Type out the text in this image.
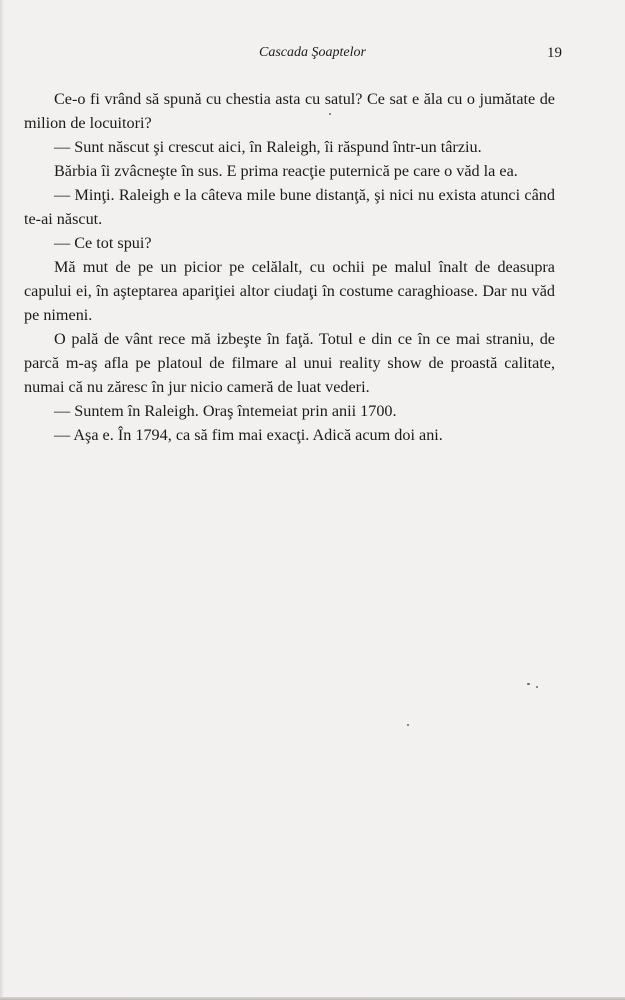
Cascada Şoaptelor	19

Ce-o fi vrând să spună cu chestia asta cu satul? Ce sat e ăla cu o jumătate de milion de locuitori?

— Sunt născut şi crescut aici, în Raleigh, îi răspund într-un târziu.

Bărbia îi zvâcneşte în sus. E prima reacţie puternică pe care o văd la ea.

— Minţi. Raleigh e la câteva mile bune distanţă, şi nici nu exista atunci când te-ai născut.

— Ce tot spui?

Mă mut de pe un picior pe celălalt, cu ochii pe malul înalt de deasupra capului ei, în aşteptarea apariţiei altor ciudaţi în costume caraghioase. Dar nu văd pe nimeni.

O pală de vânt rece mă izbeşte în faţă. Totul e din ce în ce mai straniu, de parcă m-aş afla pe platoul de filmare al unui reality show de proastă calitate, numai că nu zăresc în jur nicio cameră de luat vederi.

— Suntem în Raleigh. Oraş întemeiat prin anii 1700.

— Aşa e. În 1794, ca să fim mai exacţi. Adică acum doi ani.
